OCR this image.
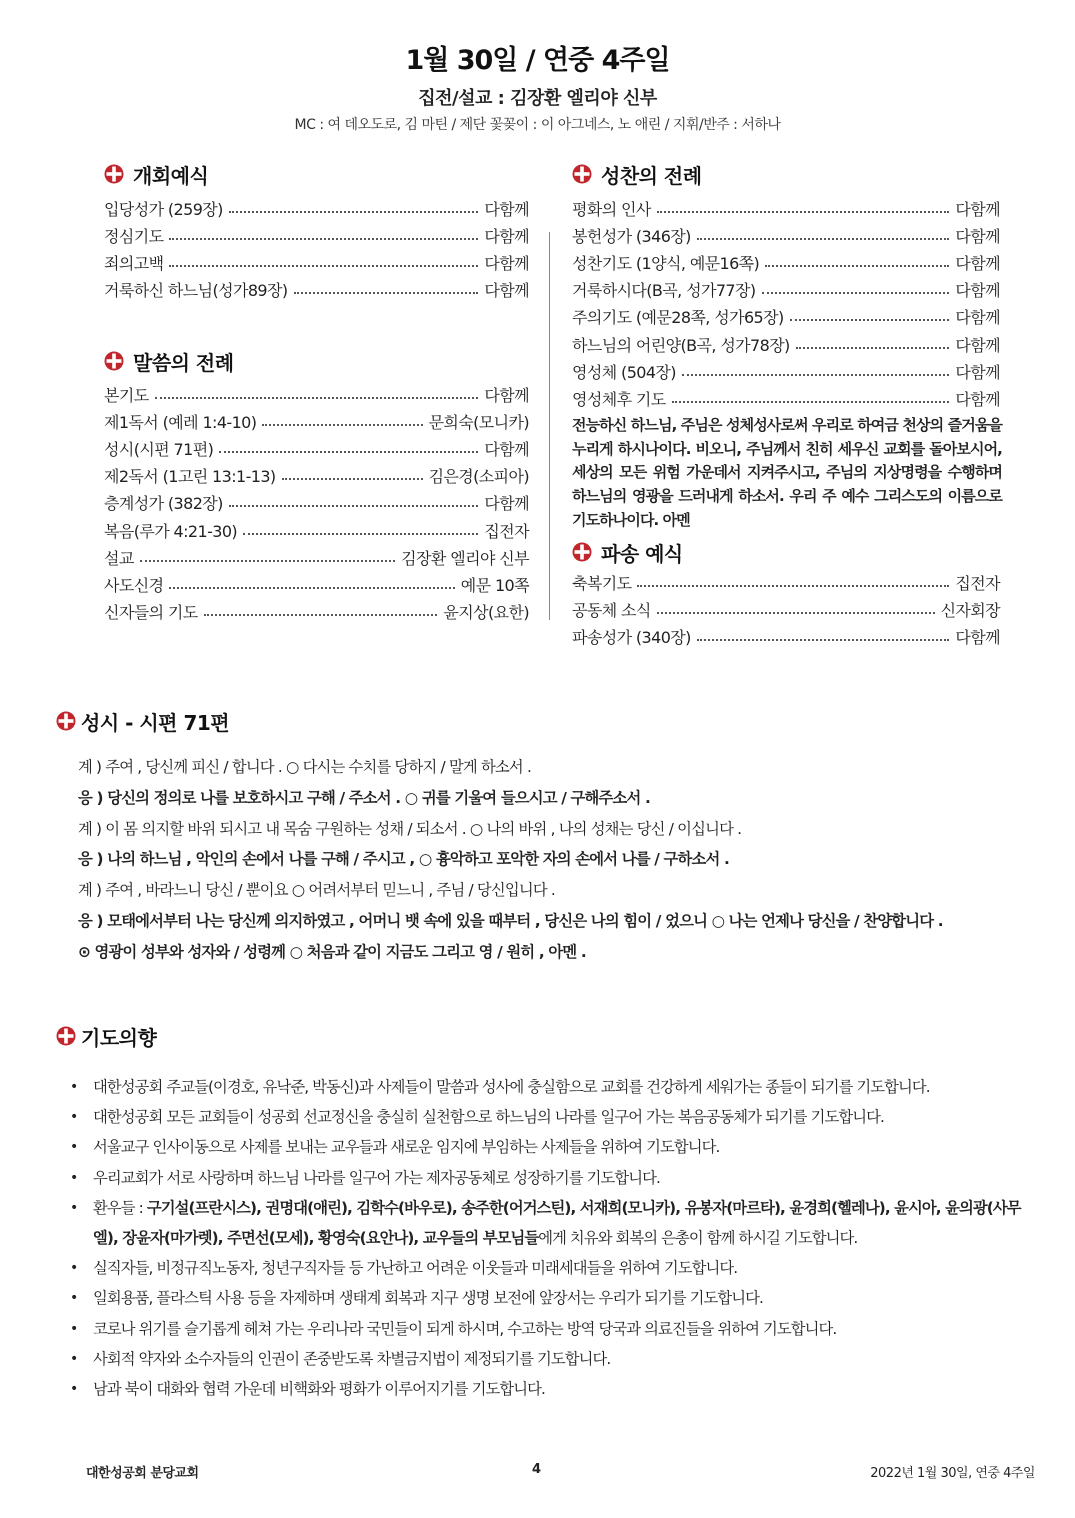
1월 30일 / 연중 4주일
집전/설교 : 김장환 엘리야 신부
MC : 여 데오도로, 김 마틴 / 제단 꽃꽂이 : 이 아그네스, 노 애린 / 지휘/반주 : 서하나
개회예식
입당성가 (259장)	다함께
정심기도	다함께
죄의고백	다함께
거룩하신 하느님(성가89장)	다함께
말씀의 전례
본기도	다함께
제1독서 (예레 1:4-10)	문희숙(모니카)
성시(시편 71편)	다함께
제2독서 (1고린 13:1-13)	김은경(소피아)
층계성가 (382장)	다함께
복음(루가 4:21-30)	집전자
설교	김장환 엘리야 신부
사도신경	예문 10쪽
신자들의 기도	윤지상(요한)
성찬의 전례
평화의 인사	다함께
봉헌성가 (346장)	다함께
성찬기도 (1양식, 예문16쪽)	다함께
거룩하시다(B곡, 성가77장)	다함께
주의기도 (예문28쪽, 성가65장)	다함께
하느님의 어린양(B곡, 성가78장)	다함께
영성체 (504장)	다함께
영성체후 기도	다함께
전능하신 하느님, 주님은 성체성사로써 우리로 하여금 천상의 즐거움을 누리게 하시나이다. 비오니, 주님께서 친히 세우신 교회를 돌아보시어, 세상의 모든 위험 가운데서 지켜주시고, 주님의 지상명령을 수행하며 하느님의 영광을 드러내게 하소서. 우리 주 예수 그리스도의 이름으로 기도하나이다. 아멘
파송 예식
축복기도	집전자
공동체 소식	신자회장
파송성가 (340장)	다함께
성시 - 시편 71편
계 ) 주여 , 당신께 피신 / 합니다 . ○ 다시는 수치를 당하지 / 말게 하소서 .
응 ) 당신의 정의로 나를 보호하시고 구해 / 주소서 . ○ 귀를 기울여 들으시고 / 구해주소서 .
계 ) 이 몸 의지할 바위 되시고 내 목숨 구원하는 성채 / 되소서 . ○ 나의 바위 , 나의 성채는 당신 / 이십니다 .
응 ) 나의 하느님 , 악인의 손에서 나를 구해 / 주시고 , ○ 흉악하고 포악한 자의 손에서 나를 / 구하소서 .
계 ) 주여 , 바라느니 당신 / 뿐이요 ○ 어려서부터 믿느니 , 주님 / 당신입니다 .
응 ) 모태에서부터 나는 당신께 의지하였고 , 어머니 뱃 속에 있을 때부터 , 당신은 나의 힘이 / 었으니 ○ 나는 언제나 당신을 / 찬양합니다 .
⊙ 영광이 성부와 성자와 / 성령께 ○ 처음과 같이 지금도 그리고 영 / 원히 , 아멘 .
기도의향
•	대한성공회 주교들(이경호, 유낙준, 박동신)과 사제들이 말씀과 성사에 충실함으로 교회를 건강하게 세워가는 종들이 되기를 기도합니다.
•	대한성공회 모든 교회들이 성공회 선교정신을 충실히 실천함으로 하느님의 나라를 일구어 가는 복음공동체가 되기를 기도합니다.
•	서울교구 인사이동으로 사제를 보내는 교우들과 새로운 임지에 부임하는 사제들을 위하여 기도합니다.
•	우리교회가 서로 사랑하며 하느님 나라를 일구어 가는 제자공동체로 성장하기를 기도합니다.
•	환우들 : 구기설(프란시스), 권명대(애린), 김학수(바우로), 송주한(어거스틴), 서재희(모니카), 유봉자(마르타), 윤경희(헬레나), 윤시아, 윤의광(사무엘), 장윤자(마가렛), 주면선(모세), 황영숙(요안나), 교우들의 부모님들에게 치유와 회복의 은총이 함께 하시길 기도합니다.
•	실직자들, 비정규직노동자, 청년구직자들 등 가난하고 어려운 이웃들과 미래세대들을 위하여 기도합니다.
•	일회용품, 플라스틱 사용 등을 자제하며 생태계 회복과 지구 생명 보전에 앞장서는 우리가 되기를 기도합니다.
•	코로나 위기를 슬기롭게 헤쳐 가는 우리나라 국민들이 되게 하시며, 수고하는 방역 당국과 의료진들을 위하여 기도합니다.
•	사회적 약자와 소수자들의 인권이 존중받도록 차별금지법이 제정되기를 기도합니다.
•	남과 북이 대화와 협력 가운데 비핵화와 평화가 이루어지기를 기도합니다.
대한성공회 분당교회	4	2022년 1월 30일, 연중 4주일
